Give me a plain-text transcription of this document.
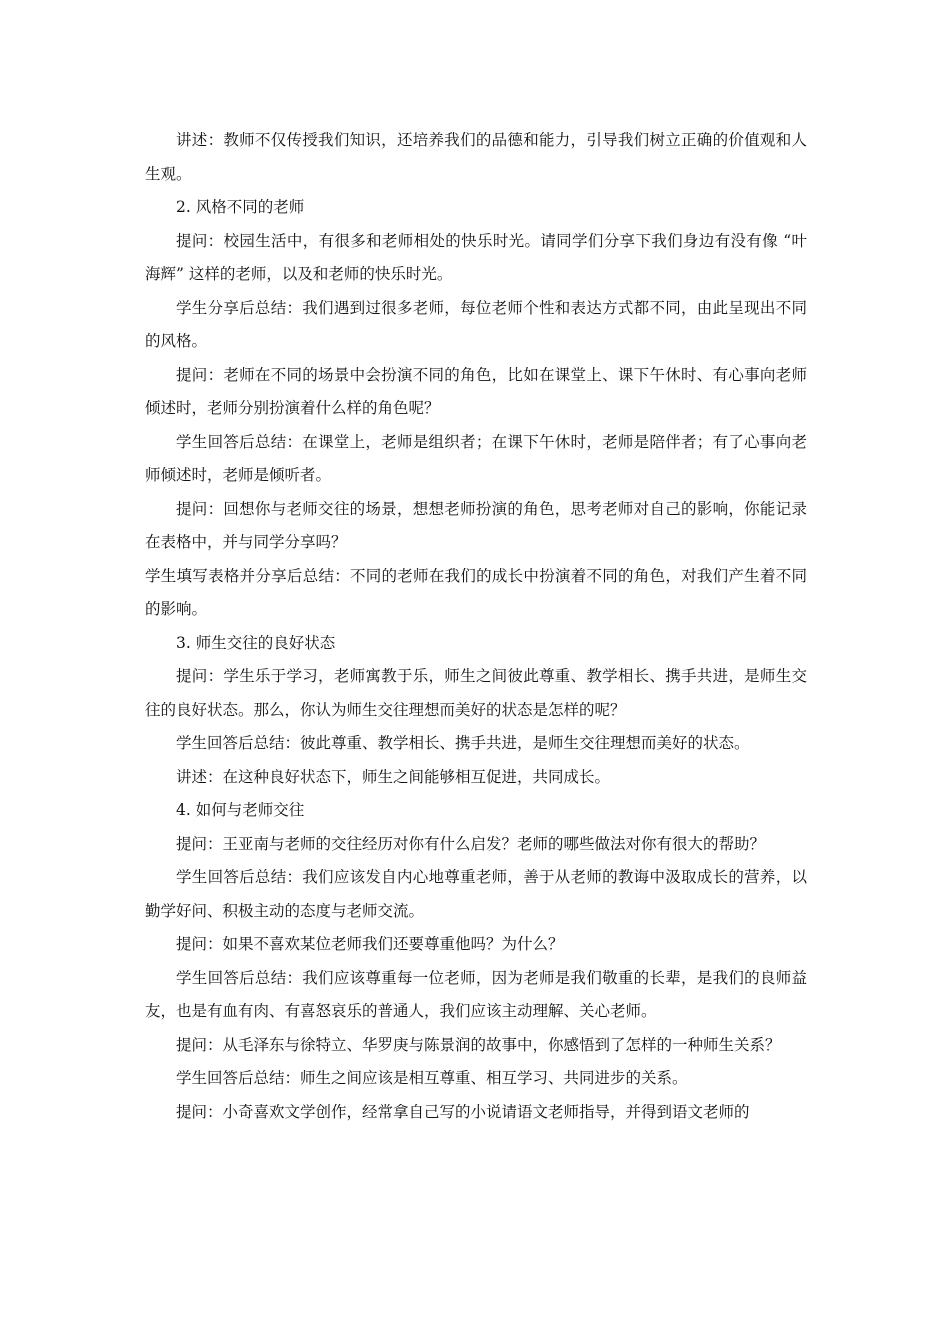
讲述：教师不仅传授我们知识，还培养我们的品德和能力，引导我们树立正确的价值观和人生观。

2. 风格不同的老师

提问：校园生活中，有很多和老师相处的快乐时光。请同学们分享下我们身边有没有像 “叶海辉” 这样的老师，以及和老师的快乐时光。

学生分享后总结：我们遇到过很多老师，每位老师个性和表达方式都不同，由此呈现出不同的风格。

提问：老师在不同的场景中会扮演不同的角色，比如在课堂上、课下午休时、有心事向老师倾述时，老师分别扮演着什么样的角色呢？

学生回答后总结：在课堂上，老师是组织者；在课下午休时，老师是陪伴者；有了心事向老师倾述时，老师是倾听者。

提问：回想你与老师交往的场景，想想老师扮演的角色，思考老师对自己的影响，你能记录在表格中，并与同学分享吗？

学生填写表格并分享后总结：不同的老师在我们的成长中扮演着不同的角色，对我们产生着不同的影响。

3. 师生交往的良好状态

提问：学生乐于学习，老师寓教于乐，师生之间彼此尊重、教学相长、携手共进，是师生交往的良好状态。那么，你认为师生交往理想而美好的状态是怎样的呢？

学生回答后总结：彼此尊重、教学相长、携手共进，是师生交往理想而美好的状态。

讲述：在这种良好状态下，师生之间能够相互促进，共同成长。

4. 如何与老师交往

提问：王亚南与老师的交往经历对你有什么启发？老师的哪些做法对你有很大的帮助？

学生回答后总结：我们应该发自内心地尊重老师，善于从老师的教诲中汲取成长的营养，以勤学好问、积极主动的态度与老师交流。

提问：如果不喜欢某位老师我们还要尊重他吗？为什么？

学生回答后总结：我们应该尊重每一位老师，因为老师是我们敬重的长辈，是我们的良师益友，也是有血有肉、有喜怒哀乐的普通人，我们应该主动理解、关心老师。

提问：从毛泽东与徐特立、华罗庚与陈景润的故事中，你感悟到了怎样的一种师生关系？

学生回答后总结：师生之间应该是相互尊重、相互学习、共同进步的关系。

提问：小奇喜欢文学创作，经常拿自己写的小说请语文老师指导，并得到语文老师的
